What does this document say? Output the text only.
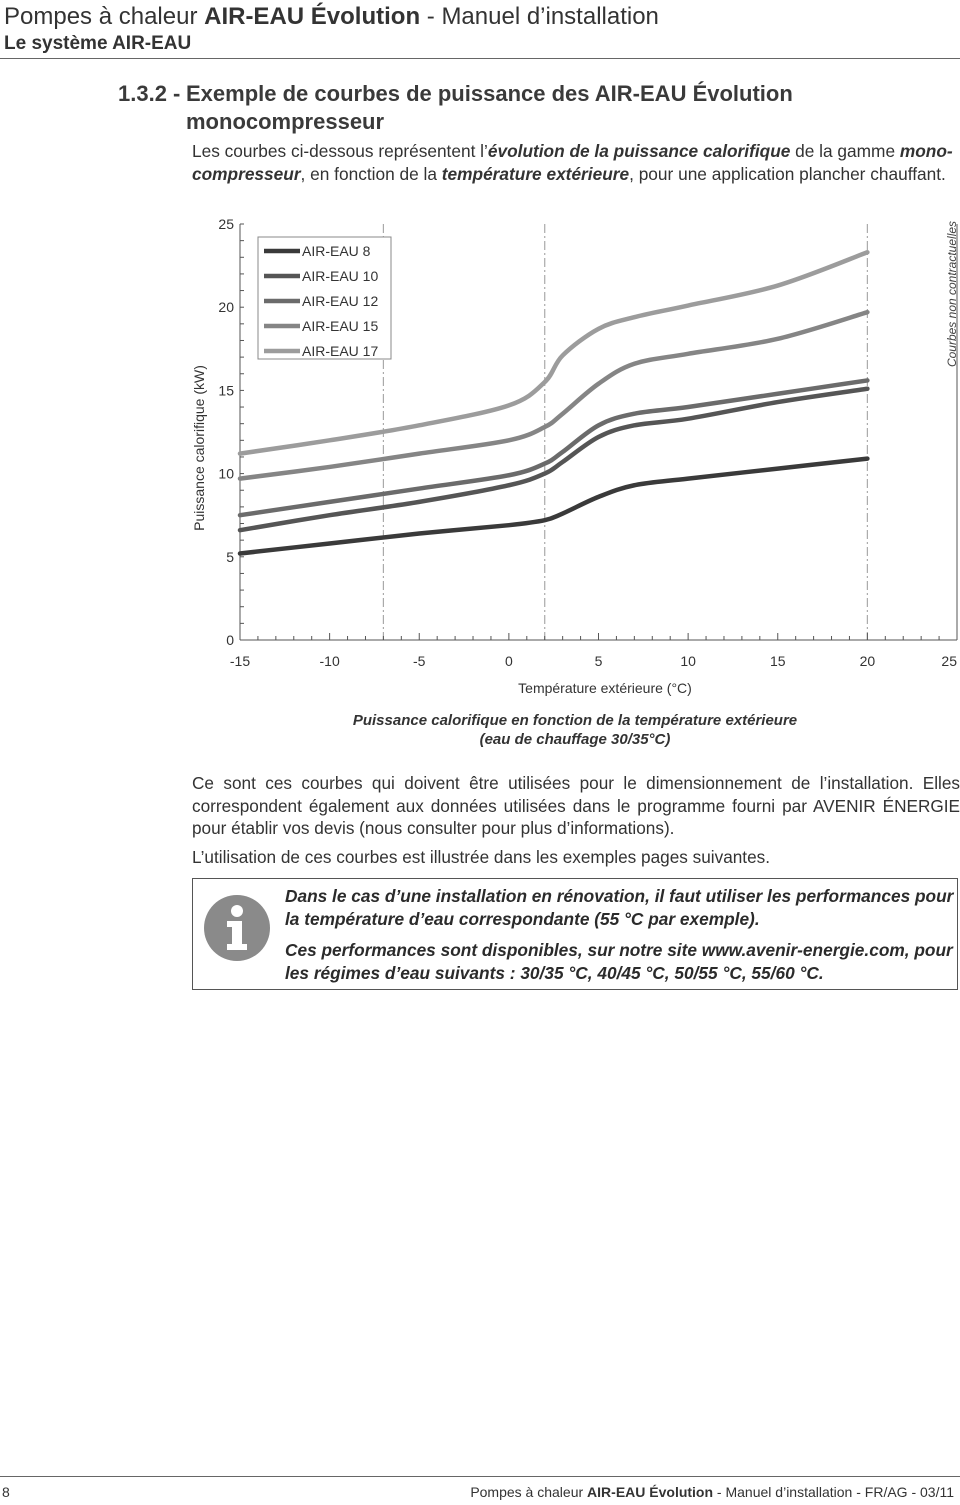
Pompes à chaleur AIR-EAU Évolution - Manuel d’installation
Le système AIR-EAU
1.3.2 - Exemple de courbes de puissance des AIR-EAU Évolution
monocompresseur
Les courbes ci-dessous représentent l’évolution de la puissance calorifique de la gamme mono-compresseur, en fonction de la température extérieure, pour une application plancher chauffant.
0
5
10
15
20
25
-15	-10	-5	0	5	10	15	20	25
AIR-EAU 8
AIR-EAU 10
AIR-EAU 12
AIR-EAU 15
AIR-EAU 17
Puissance calorifique (kW)
Température extérieure (°C)
Courbes non contractuelles
Puissance calorifique en fonction de la température extérieure
(eau de chauffage 30/35°C)

Ce sont ces courbes qui doivent être utilisées pour le dimensionnement de l’installation. Elles correspondent également aux données utilisées dans le programme fourni par AVENIR ÉNERGIE pour établir vos devis (nous consulter pour plus d’informations).

L’utilisation de ces courbes est illustrée dans les exemples pages suivantes.

Dans le cas d’une installation en rénovation, il faut utiliser les performances pour la température d’eau correspondante (55 °C par exemple).

Ces performances sont disponibles, sur notre site www.avenir-energie.com, pour les régimes d’eau suivants : 30/35 °C, 40/45 °C, 50/55 °C, 55/60 °C.

8	Pompes à chaleur AIR-EAU Évolution - Manuel d’installation - FR/AG - 03/11
